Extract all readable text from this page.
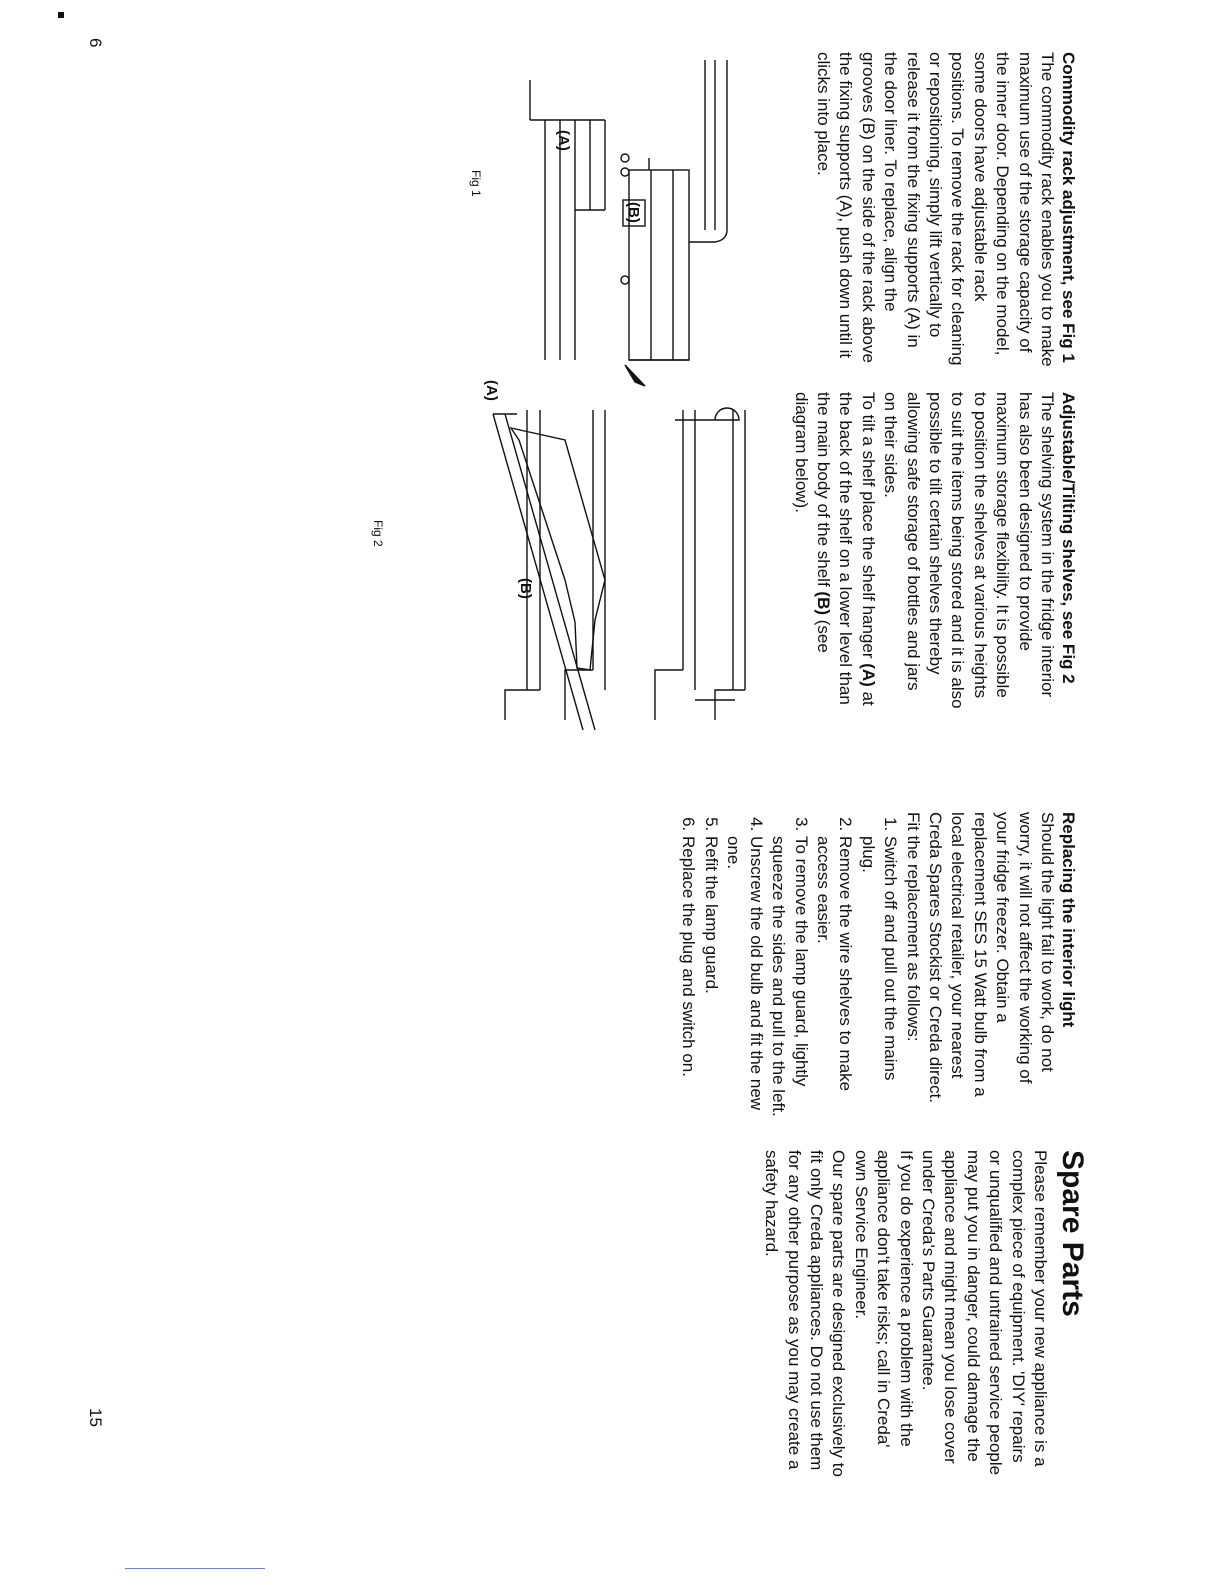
6
15
Commodity rack adjustment, see Fig 1

The commodity rack enables you to make maximum use of the storage capacity of the inner door. Depending on the model, some doors have adjustable rack positions. To remove the rack for cleaning or repositioning, simply lift vertically to release it from the fixing supports (A) in the door liner. To replace, align the grooves (B) on the side of the rack above the fixing supports (A), push down until it clicks into place.

(A)
(B)
Fig 1
Adjustable/Tilting shelves, see Fig 2

The shelving system in the fridge interior has also been designed to provide maximum storage flexibility. It is possible to position the shelves at various heights to suit the items being stored and it is also possible to tilt certain shelves thereby allowing safe storage of bottles and jars on their sides.

To tilt a shelf place the shelf hanger (A) at the back of the shelf on a lower level than the main body of the shelf (B) (see diagram below).

(A)
(B)
Fig 2
Replacing the interior light

Should the light fail to work, do not worry, it will not affect the working of your fridge freezer. Obtain a replacement SES 15 Watt bulb from a local electrical retailer, your nearest Creda Spares Stockist or Creda direct. Fit the replacement as follows:

1. Switch off and pull out the mains plug.
2. Remove the wire shelves to make access easier.
3. To remove the lamp guard, lightly squeeze the sides and pull to the left.
4. Unscrew the old bulb and fit the new one.
5. Refit the lamp guard.
6. Replace the plug and switch on.
Spare Parts

Please remember your new appliance is a complex piece of equipment. 'DIY' repairs or unqualified and untrained service people may put you in danger, could damage the appliance and might mean you lose cover under Creda's Parts Guarantee.

If you do experience a problem with the appliance don't take risks; call in Creda' own Service Engineer.

Our spare parts are designed exclusively to fit only Creda appliances. Do not use them for any other purpose as you may create a safety hazard.
